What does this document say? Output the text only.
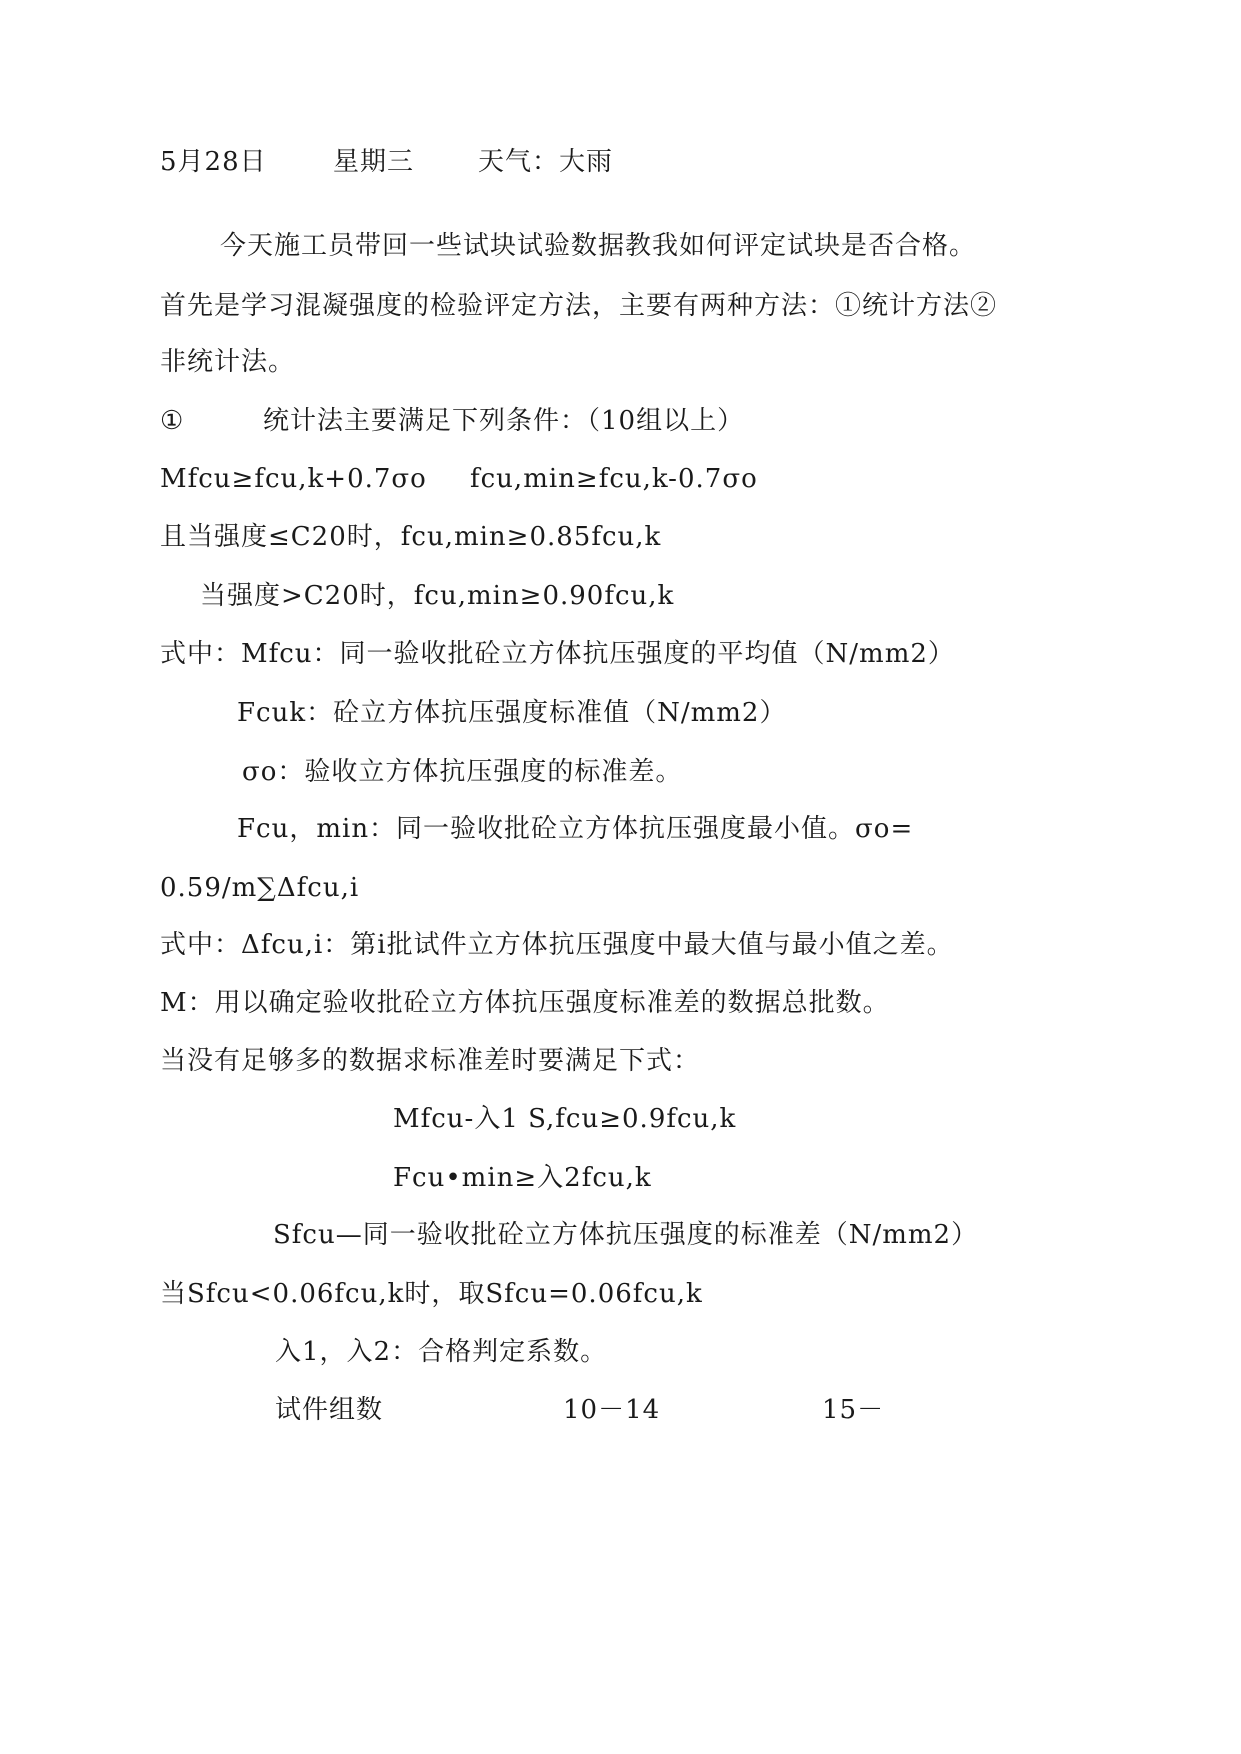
5月28日	星期三 天气：大雨
今天施工员带回一些试块试验数据教我如何评定试块是否合格。
首先是学习混凝强度的检验评定方法，主要有两种方法：①统计方法②
非统计法。
①	统计法主要满足下列条件：（10组以上）
Mfcu≥fcu,k+0.7σo fcu,min≥fcu,k-0.7σo
且当强度≤C20时，fcu,min≥0.85fcu,k
当强度>C20时，fcu,min≥0.90fcu,k
式中：Mfcu：同一验收批砼立方体抗压强度的平均值（N/mm2）
Fcuk：砼立方体抗压强度标准值（N/mm2）
σo：验收立方体抗压强度的标准差。
Fcu，min：同一验收批砼立方体抗压强度最小值。σo=
0.59/m∑Δfcu,i
式中：Δfcu,i：第i批试件立方体抗压强度中最大值与最小值之差。
M：用以确定验收批砼立方体抗压强度标准差的数据总批数。
当没有足够多的数据求标准差时要满足下式：
Mfcu-入1 S,fcu≥0.9fcu,k
Fcu•min≥入2fcu,k
Sfcu—同一验收批砼立方体抗压强度的标准差（N/mm2）
当Sfcu<0.06fcu,k时，取Sfcu=0.06fcu,k
入1，入2：合格判定系数。
试件组数	10－14	15－
